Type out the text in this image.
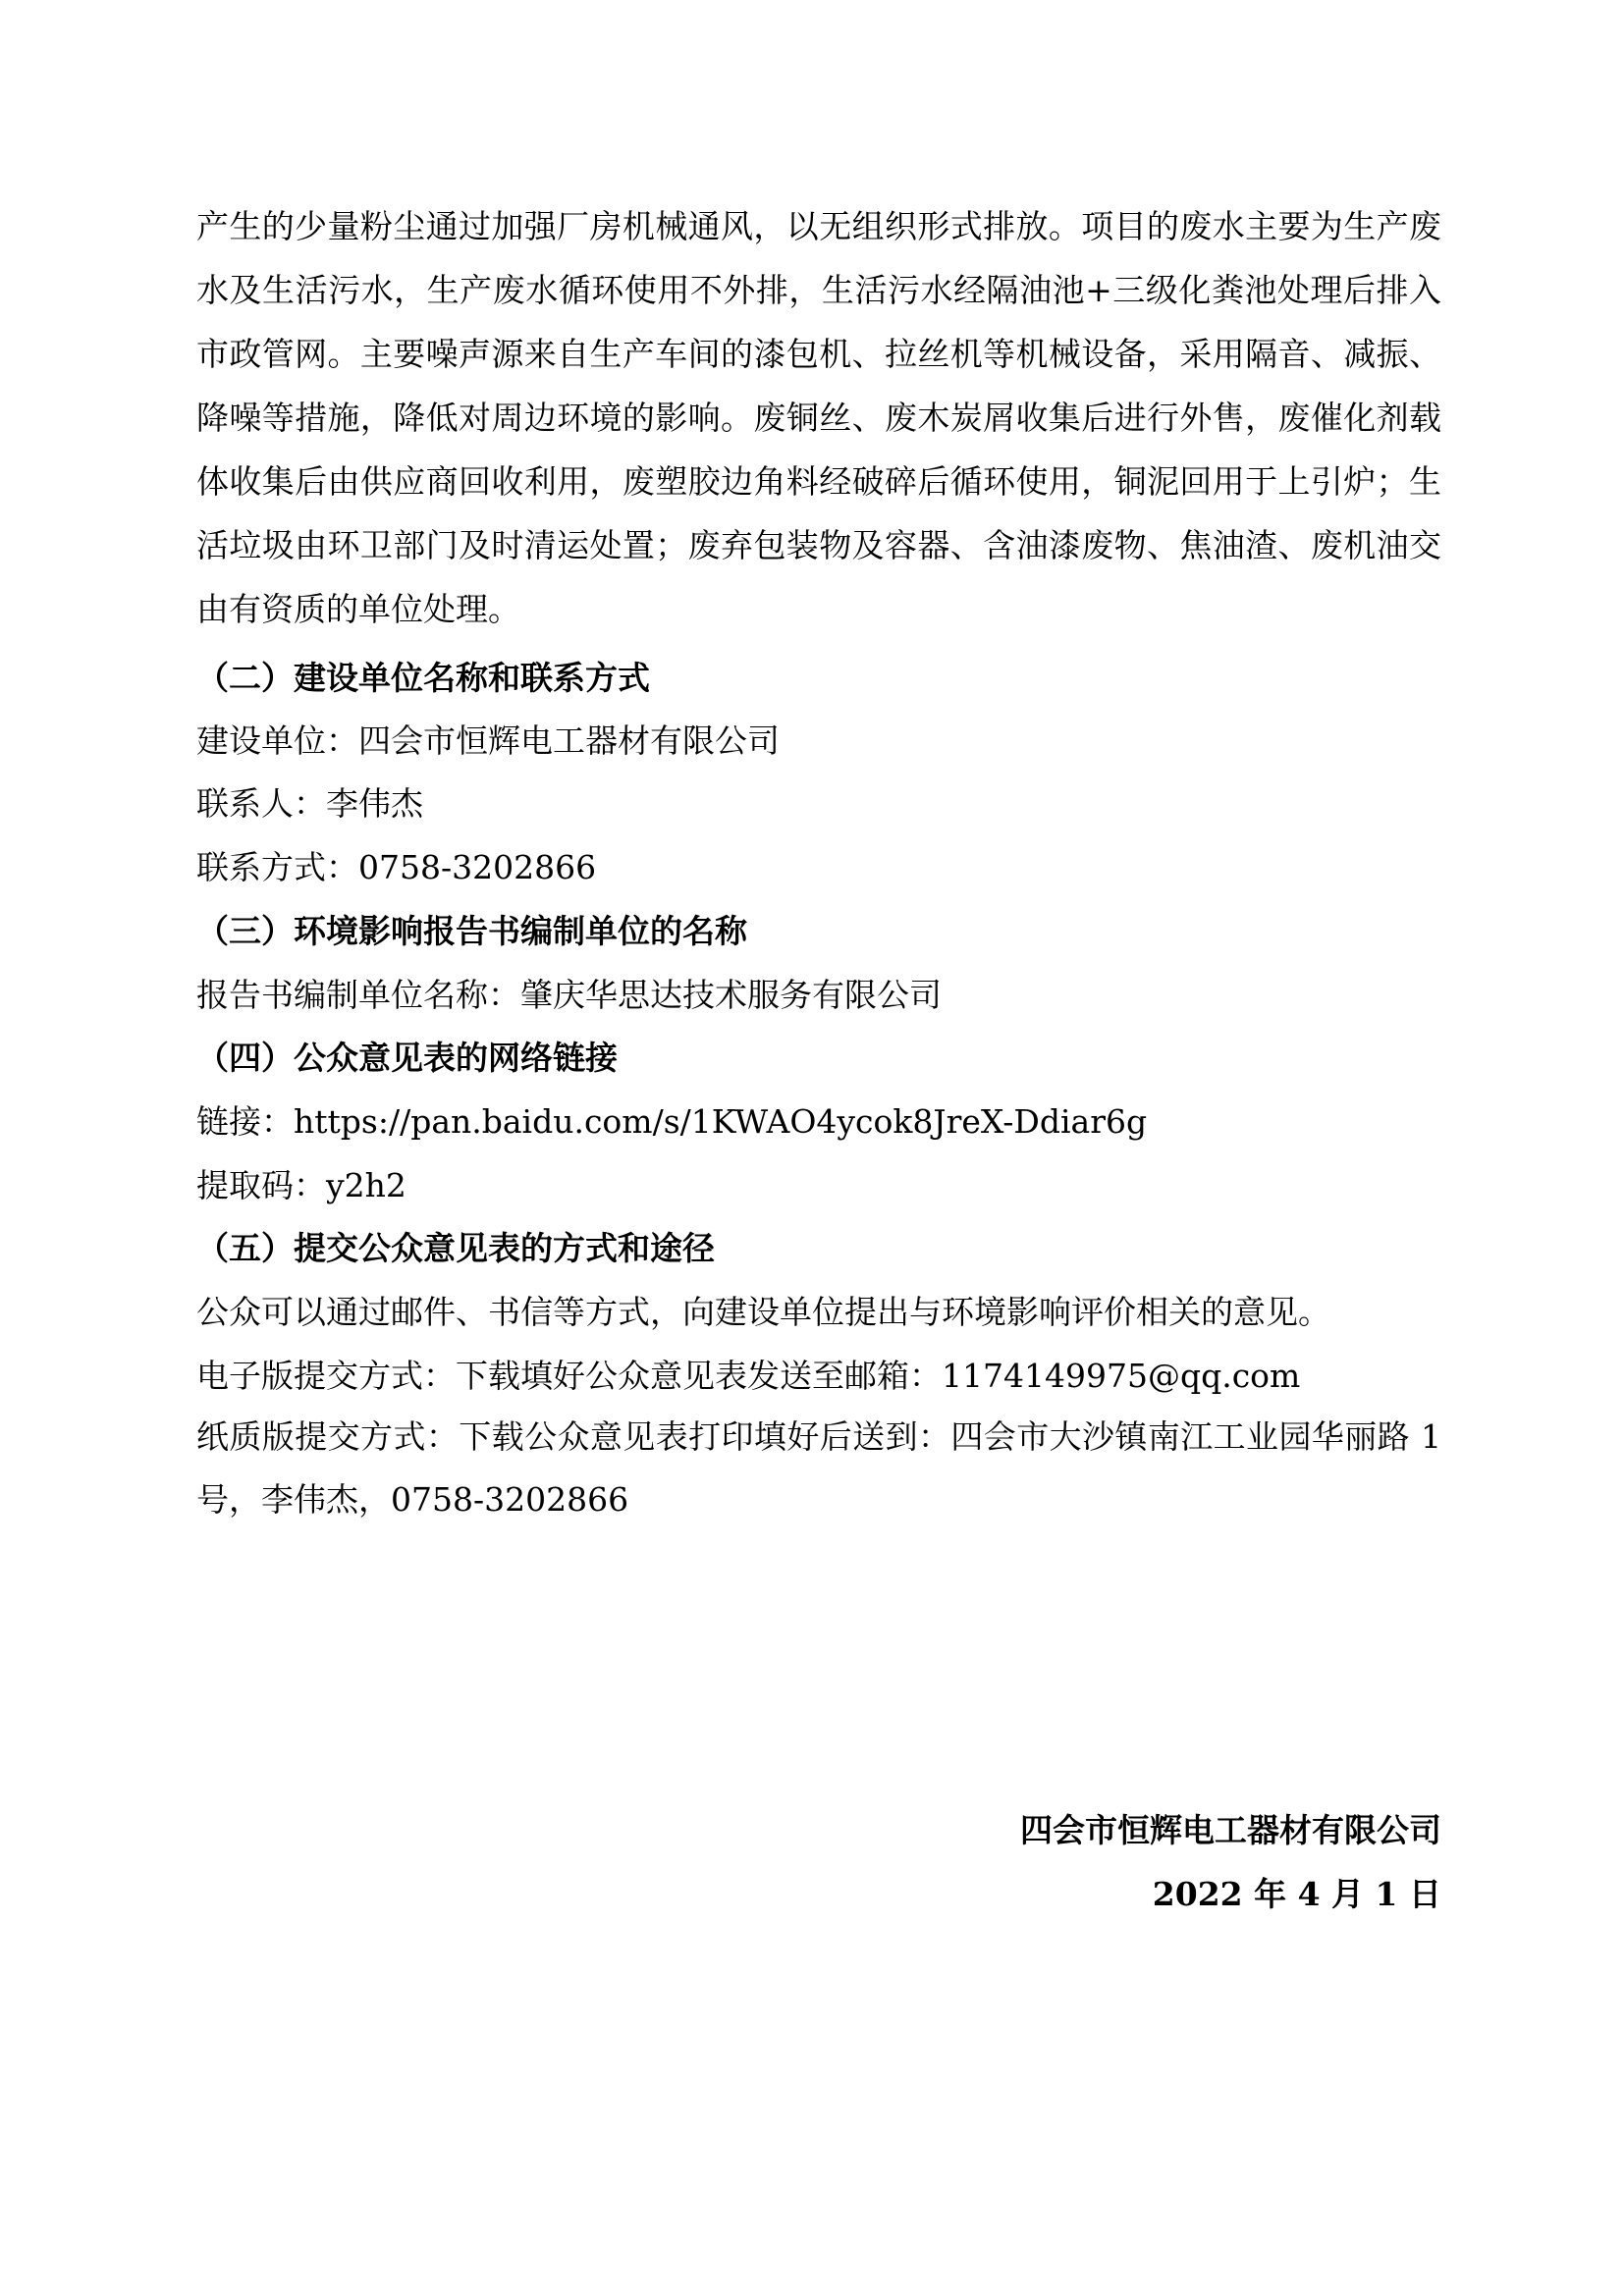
产生的少量粉尘通过加强厂房机械通风，以无组织形式排放。项目的废水主要为生产废水及生活污水，生产废水循环使用不外排，生活污水经隔油池+三级化粪池处理后排入市政管网。主要噪声源来自生产车间的漆包机、拉丝机等机械设备，采用隔音、减振、降噪等措施，降低对周边环境的影响。废铜丝、废木炭屑收集后进行外售，废催化剂载体收集后由供应商回收利用，废塑胶边角料经破碎后循环使用，铜泥回用于上引炉；生活垃圾由环卫部门及时清运处置；废弃包装物及容器、含油漆废物、焦油渣、废机油交由有资质的单位处理。

（二）建设单位名称和联系方式

建设单位：四会市恒辉电工器材有限公司

联系人：李伟杰

联系方式：0758-3202866

（三）环境影响报告书编制单位的名称

报告书编制单位名称：肇庆华思达技术服务有限公司

（四）公众意见表的网络链接

链接：https://pan.baidu.com/s/1KWAO4ycok8JreX-Ddiar6g

提取码：y2h2

（五）提交公众意见表的方式和途径

公众可以通过邮件、书信等方式，向建设单位提出与环境影响评价相关的意见。

电子版提交方式：下载填好公众意见表发送至邮箱：1174149975@qq.com

纸质版提交方式：下载公众意见表打印填好后送到：四会市大沙镇南江工业园华丽路 1 号，李伟杰，0758-3202866

四会市恒辉电工器材有限公司

2022 年 4 月 1 日
